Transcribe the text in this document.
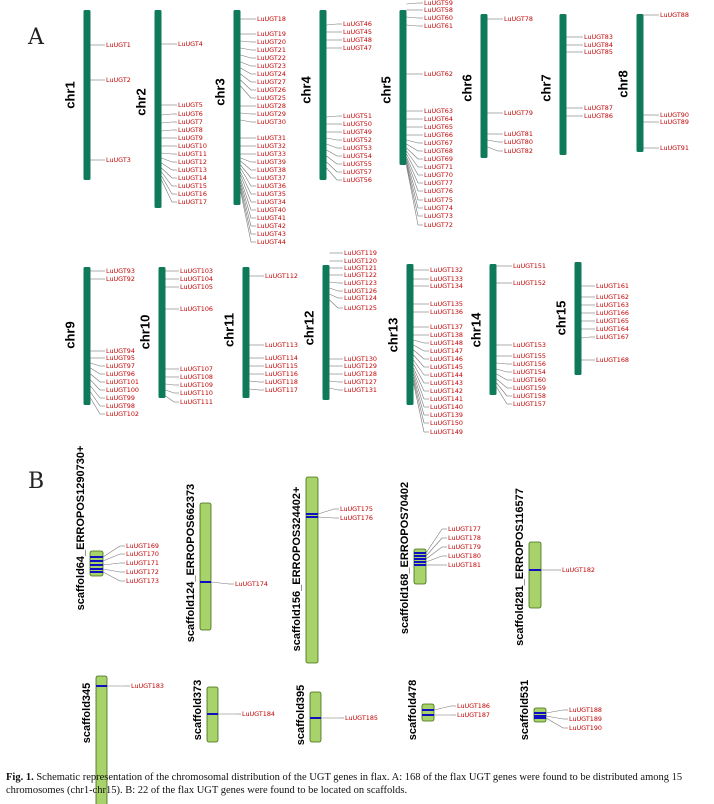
A
B
chr1
LuUGT1
LuUGT2
LuUGT3
chr2
LuUGT4
LuUGT5
LuUGT6
LuUGT7
LuUGT8
LuUGT9
LuUGT10
LuUGT11
LuUGT12
LuUGT13
LuUGT14
LuUGT15
LuUGT16
LuUGT17
chr3
LuUGT18
LuUGT19
LuUGT20
LuUGT21
LuUGT22
LuUGT23
LuUGT24
LuUGT27
LuUGT26
LuUGT25
LuUGT28
LuUGT29
LuUGT30
LuUGT31
LuUGT32
LuUGT33
LuUGT39
LuUGT38
LuUGT37
LuUGT36
LuUGT35
LuUGT34
LuUGT40
LuUGT41
LuUGT42
LuUGT43
LuUGT44
chr4
LuUGT46
LuUGT45
LuUGT48
LuUGT47
LuUGT51
LuUGT50
LuUGT49
LuUGT52
LuUGT53
LuUGT54
LuUGT55
LuUGT57
LuUGT56
chr5
LuUGT59
LuUGT58
LuUGT60
LuUGT61
LuUGT62
LuUGT63
LuUGT64
LuUGT65
LuUGT66
LuUGT67
LuUGT68
LuUGT69
LuUGT71
LuUGT70
LuUGT77
LuUGT76
LuUGT75
LuUGT74
LuUGT73
LuUGT72
chr6
LuUGT78
LuUGT79
LuUGT81
LuUGT80
LuUGT82
chr7
LuUGT83
LuUGT84
LuUGT85
LuUGT87
LuUGT86
chr8
LuUGT88
LuUGT90
LuUGT89
LuUGT91
chr9
LuUGT93
LuUGT92
LuUGT94
LuUGT95
LuUGT97
LuUGT96
LuUGT101
LuUGT100
LuUGT99
LuUGT98
LuUGT102
chr10
LuUGT103
LuUGT104
LuUGT105
LuUGT106
LuUGT107
LuUGT108
LuUGT109
LuUGT110
LuUGT111
chr11
LuUGT112
LuUGT113
LuUGT114
LuUGT115
LuUGT116
LuUGT118
LuUGT117
chr12
LuUGT119
LuUGT120
LuUGT121
LuUGT122
LuUGT123
LuUGT126
LuUGT124
LuUGT125
LuUGT130
LuUGT129
LuUGT128
LuUGT127
LuUGT131
chr13
LuUGT132
LuUGT133
LuUGT134
LuUGT135
LuUGT136
LuUGT137
LuUGT138
LuUGT148
LuUGT147
LuUGT146
LuUGT145
LuUGT144
LuUGT143
LuUGT142
LuUGT141
LuUGT140
LuUGT139
LuUGT150
LuUGT149
chr14
LuUGT151
LuUGT152
LuUGT153
LuUGT155
LuUGT156
LuUGT154
LuUGT160
LuUGT159
LuUGT158
LuUGT157
chr15
LuUGT161
LuUGT162
LuUGT163
LuUGT166
LuUGT165
LuUGT164
LuUGT167
LuUGT168
scaffold64_ERROPOS1290730+	LuUGT169
LuUGT170
LuUGT171
LuUGT172
LuUGT173 scaffold124_ERROPOS662373	LuUGT174 scaffold156_ERROPOS324402+	LuUGT175
LuUGT176 scaffold168_ERROPOS70402	LuUGT177
LuUGT178
LuUGT179
LuUGT180
LuUGT181	scaffold281_ERROPOS116577	LuUGT182
scaffold345	LuUGT183	scaffold373	LuUGT184 scaffold395	LuUGT185	scaffold478	LuUGT186
LuUGT187	scaffold531	LuUGT188
LuUGT189
LuUGT190
Fig. 1. Schematic representation of the chromosomal distribution of the UGT genes in flax. A: 168 of the flax UGT genes were found to be distributed among 15 chromosomes (chr1-chr15). B: 22 of the flax UGT genes were found to be located on scaffolds.
